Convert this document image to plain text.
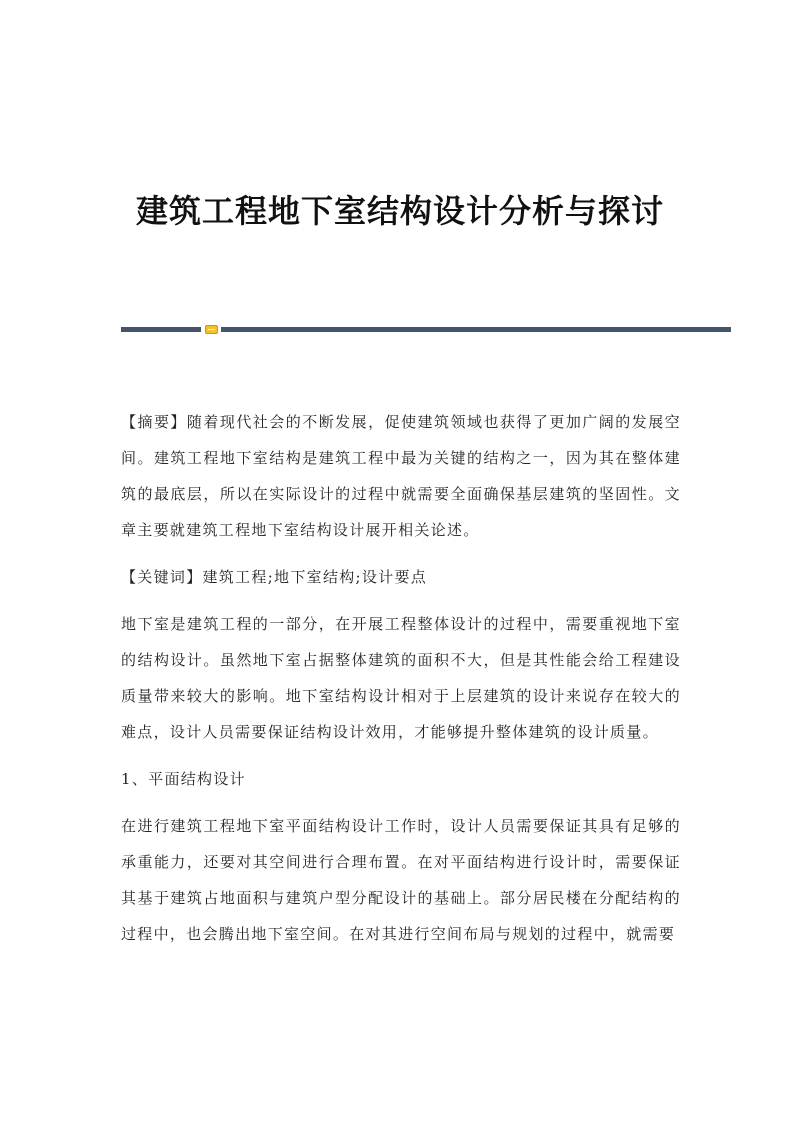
建筑工程地下室结构设计分析与探讨

【摘要】随着现代社会的不断发展，促使建筑领域也获得了更加广阔的发展空间。建筑工程地下室结构是建筑工程中最为关键的结构之一，因为其在整体建筑的最底层，所以在实际设计的过程中就需要全面确保基层建筑的坚固性。文章主要就建筑工程地下室结构设计展开相关论述。

【关键词】建筑工程;地下室结构;设计要点

地下室是建筑工程的一部分，在开展工程整体设计的过程中，需要重视地下室的结构设计。虽然地下室占据整体建筑的面积不大，但是其性能会给工程建设质量带来较大的影响。地下室结构设计相对于上层建筑的设计来说存在较大的难点，设计人员需要保证结构设计效用，才能够提升整体建筑的设计质量。

1、平面结构设计

在进行建筑工程地下室平面结构设计工作时，设计人员需要保证其具有足够的承重能力，还要对其空间进行合理布置。在对平面结构进行设计时，需要保证其基于建筑占地面积与建筑户型分配设计的基础上。部分居民楼在分配结构的过程中，也会腾出地下室空间。在对其进行空间布局与规划的过程中，就需要
